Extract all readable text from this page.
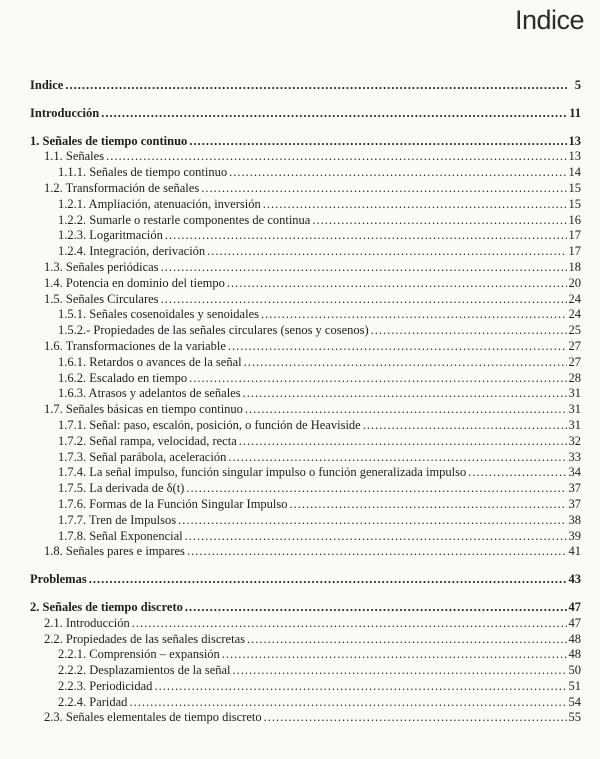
Indice
Indice .....	5
Introducción .....	11
1. Señales de tiempo continuo .....	13
1.1. Señales .....	13
1.1.1. Señales de tiempo continuo .....	14
1.2. Transformación de señales .....	15
1.2.1. Ampliación, atenuación, inversión .....	15
1.2.2. Sumarle o restarle componentes de continua .....	16
1.2.3. Logaritmación .....	17
1.2.4. Integración, derivación .....	17
1.3. Señales periódicas .....	18
1.4. Potencia en dominio del tiempo .....	20
1.5. Señales Circulares .....	24
1.5.1. Señales cosenoidales y senoidales .....	24
1.5.2.- Propiedades de las señales circulares (senos y cosenos) .....	25
1.6. Transformaciones de la variable .....	27
1.6.1. Retardos o avances de la señal .....	27
1.6.2. Escalado en tiempo .....	28
1.6.3. Atrasos y adelantos de señales .....	31
1.7. Señales básicas en tiempo continuo .....	31
1.7.1. Señal: paso, escalón, posición, o función de Heaviside .....	31
1.7.2. Señal rampa, velocidad, recta .....	32
1.7.3. Señal parábola, aceleración .....	33
1.7.4. La señal impulso, función singular impulso o función generalizada impulso .....	34
1.7.5. La derivada de δ(t) .....	37
1.7.6. Formas de la Función Singular Impulso .....	37
1.7.7. Tren de Impulsos .....	38
1.7.8. Señal Exponencial .....	39
1.8. Señales pares e impares .....	41
Problemas .....	43
2. Señales de tiempo discreto .....	47
2.1. Introducción .....	47
2.2. Propiedades de las señales discretas .....	48
2.2.1. Comprensión – expansión .....	48
2.2.2. Desplazamientos de la señal .....	50
2.2.3. Periodicidad .....	51
2.2.4. Paridad .....	54
2.3. Señales elementales de tiempo discreto .....	55
